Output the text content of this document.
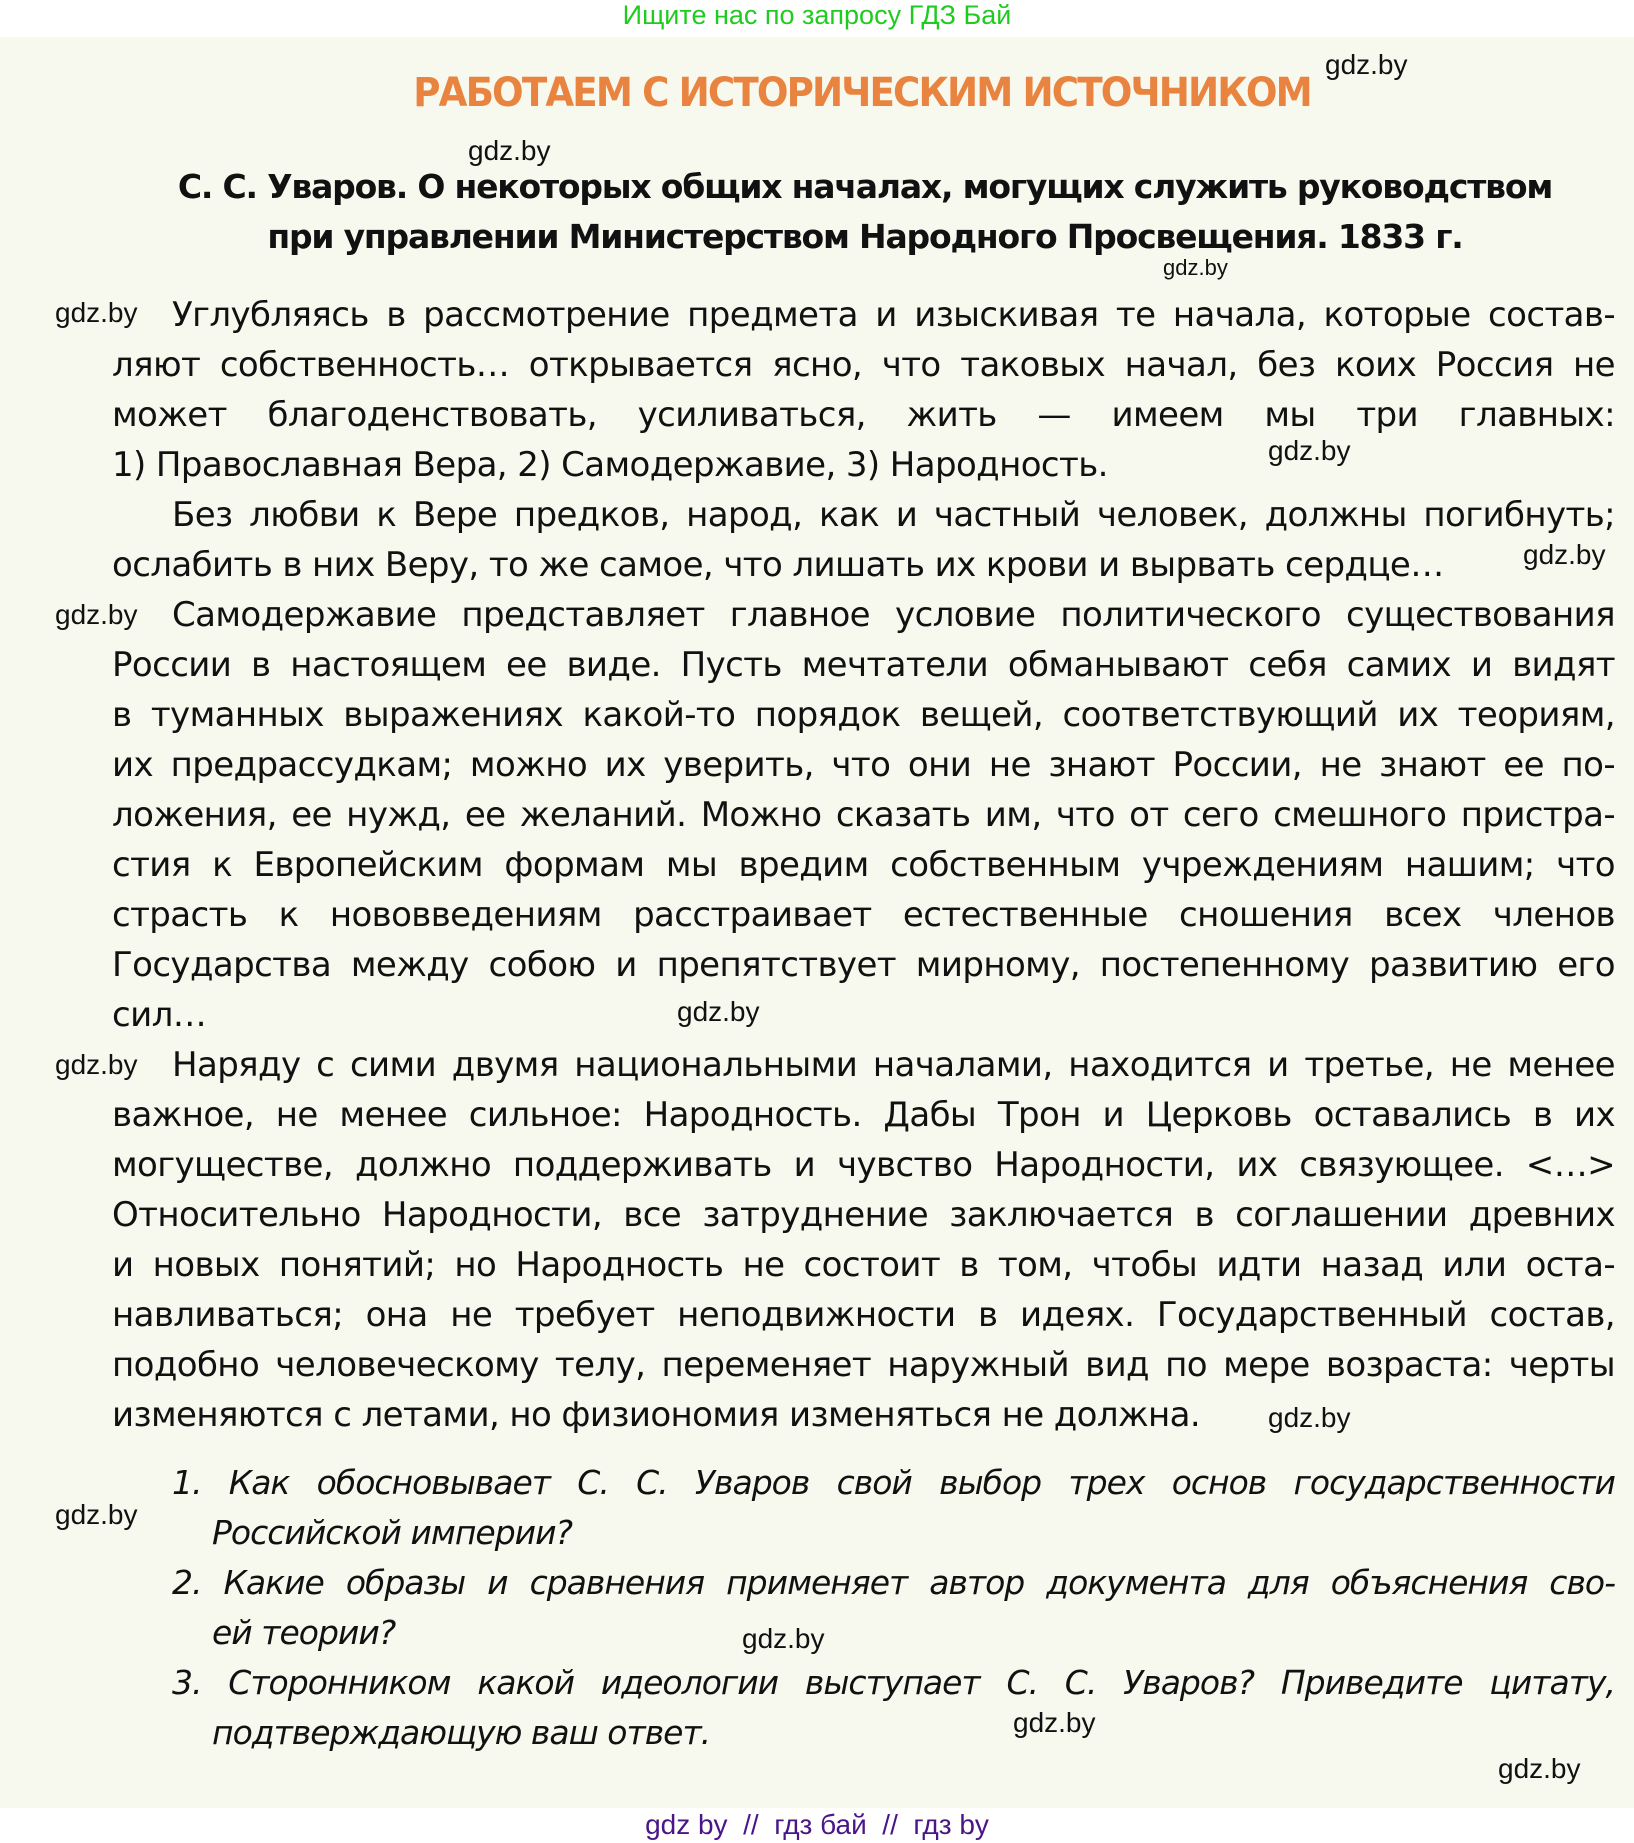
Ищите нас по запросу ГДЗ Бай
РАБОТАЕМ С ИСТОРИЧЕСКИМ ИСТОЧНИКОМ
gdz.by
gdz.by
С. С. Уваров. О некоторых общих началах, могущих служить руководством
при управлении Министерством Народного Просвещения. 1833 г.
gdz.by
gdz.by Углубляясь в рассмотрение предмета и изыскивая те начала, которые состав-
ляют собственность… открывается ясно, что таковых начал, без коих Россия не
может благоденствовать, усиливаться, жить — имеем мы три главных:
1) Православная Вера, 2) Самодержавие, 3) Народность.	gdz.by
Без любви к Вере предков, народ, как и частный человек, должны погибнуть;
ослабить в них Веру, то же самое, что лишать их крови и вырвать сердце…	gdz.by
gdz.by Самодержавие представляет главное условие политического существования
России в настоящем ее виде. Пусть мечтатели обманывают себя самих и видят
в туманных выражениях какой-то порядок вещей, соответствующий их теориям,
их предрассудкам; можно их уверить, что они не знают России, не знают ее по-
ложения, ее нужд, ее желаний. Можно сказать им, что от сего смешного пристра-
стия к Европейским формам мы вредим собственным учреждениям нашим; что
страсть к нововведениям расстраивает естественные сношения всех членов
Государства между собою и препятствует мирному, постепенному развитию его
сил…	gdz.by
gdz.by Наряду с сими двумя национальными началами, находится и третье, не менее
важное, не менее сильное: Народность. Дабы Трон и Церковь оставались в их
могуществе, должно поддерживать и чувство Народности, их связующее. <…>
Относительно Народности, все затруднение заключается в соглашении древних
и новых понятий; но Народность не состоит в том, чтобы идти назад или оста-
навливаться; она не требует неподвижности в идеях. Государственный состав,
подобно человеческому телу, переменяет наружный вид по мере возраста: черты
изменяются с летами, но физиономия изменяться не должна.	gdz.by
gdz.by
1. Как обосновывает С. С. Уваров свой выбор трех основ государственности
Российской империи?
2. Какие образы и сравнения применяет автор документа для объяснения сво-
ей теории?	gdz.by
3. Сторонником какой идеологии выступает С. С. Уваров? Приведите цитату,
подтверждающую ваш ответ.	gdz.by
gdz.by
gdz by  //  гдз бай  //  гдз by
